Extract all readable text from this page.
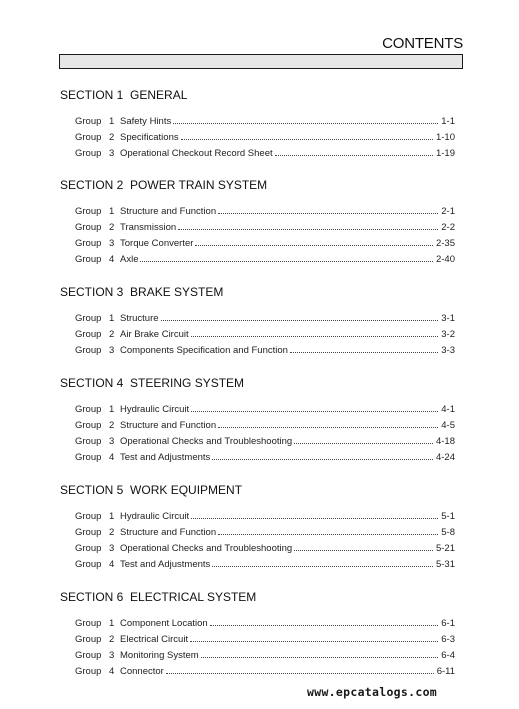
CONTENTS
SECTION 1 GENERAL
Group 1 Safety Hints	1-1
Group 2 Specifications	1-10
Group 3 Operational Checkout Record Sheet	1-19
SECTION 2 POWER TRAIN SYSTEM
Group 1 Structure and Function	2-1
Group 2 Transmission	2-2
Group 3 Torque Converter	2-35
Group 4 Axle	2-40
SECTION 3 BRAKE SYSTEM
Group 1 Structure	3-1
Group 2 Air Brake Circuit	3-2
Group 3 Components Specification and Function	3-3
SECTION 4 STEERING SYSTEM
Group 1 Hydraulic Circuit	4-1
Group 2 Structure and Function	4-5
Group 3 Operational Checks and Troubleshooting	4-18
Group 4 Test and Adjustments	4-24
SECTION 5 WORK EQUIPMENT
Group 1 Hydraulic Circuit	5-1
Group 2 Structure and Function	5-8
Group 3 Operational Checks and Troubleshooting	5-21
Group 4 Test and Adjustments	5-31
SECTION 6 ELECTRICAL SYSTEM
Group 1 Component Location	6-1
Group 2 Electrical Circuit	6-3
Group 3 Monitoring System	6-4
Group 4 Connector	6-11
www.epcatalogs.com
